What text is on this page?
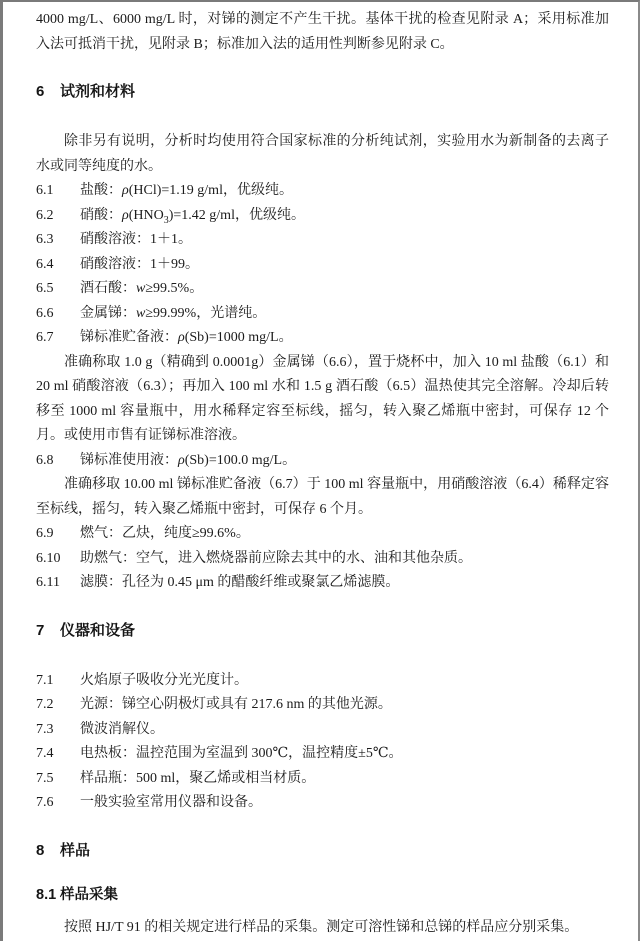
4000 mg/L、6000 mg/L 时，对锑的测定不产生干扰。基体干扰的检查见附录 A；采用标准加入法可抵消干扰，见附录 B；标准加入法的适用性判断参见附录 C。

6 试剂和材料

除非另有说明，分析时均使用符合国家标准的分析纯试剂，实验用水为新制备的去离子水或同等纯度的水。

6.1 盐酸：ρ(HCl)=1.19 g/ml，优级纯。

6.2 硝酸：$\rho(HNO_3)=1.42$ g/ml，优级纯。

6.3 硝酸溶液：1＋1。

6.4 硝酸溶液：1＋99。

6.5 酒石酸：w≥99.5%。

6.6 金属锑：w≥99.99%，光谱纯。

6.7 锑标准贮备液：ρ(Sb)=1000 mg/L。

准确称取 1.0 g（精确到 0.0001g）金属锑（6.6），置于烧杯中，加入 10 ml 盐酸（6.1）和 20 ml 硝酸溶液（6.3）；再加入 100 ml 水和 1.5 g 酒石酸（6.5）温热使其完全溶解。冷却后转移至 1000 ml 容量瓶中，用水稀释定容至标线，摇匀，转入聚乙烯瓶中密封，可保存 12 个月。或使用市售有证锑标准溶液。

6.8 锑标准使用液：ρ(Sb)=100.0 mg/L。

准确移取 10.00 ml 锑标准贮备液（6.7）于 100 ml 容量瓶中，用硝酸溶液（6.4）稀释定容至标线，摇匀，转入聚乙烯瓶中密封，可保存 6 个月。

6.9 燃气：乙炔，纯度≥99.6%。

6.10 助燃气：空气，进入燃烧器前应除去其中的水、油和其他杂质。

6.11 滤膜：孔径为 0.45 μm 的醋酸纤维或聚氯乙烯滤膜。

7 仪器和设备

7.1 火焰原子吸收分光光度计。

7.2 光源：锑空心阴极灯或具有 217.6 nm 的其他光源。

7.3 微波消解仪。

7.4 电热板：温控范围为室温到 300℃，温控精度±5℃。

7.5 样品瓶：500 ml，聚乙烯或相当材质。

7.6 一般实验室常用仪器和设备。

8 样品
8.1 样品采集

按照 HJ/T 91 的相关规定进行样品的采集。测定可溶性锑和总锑的样品应分别采集。
